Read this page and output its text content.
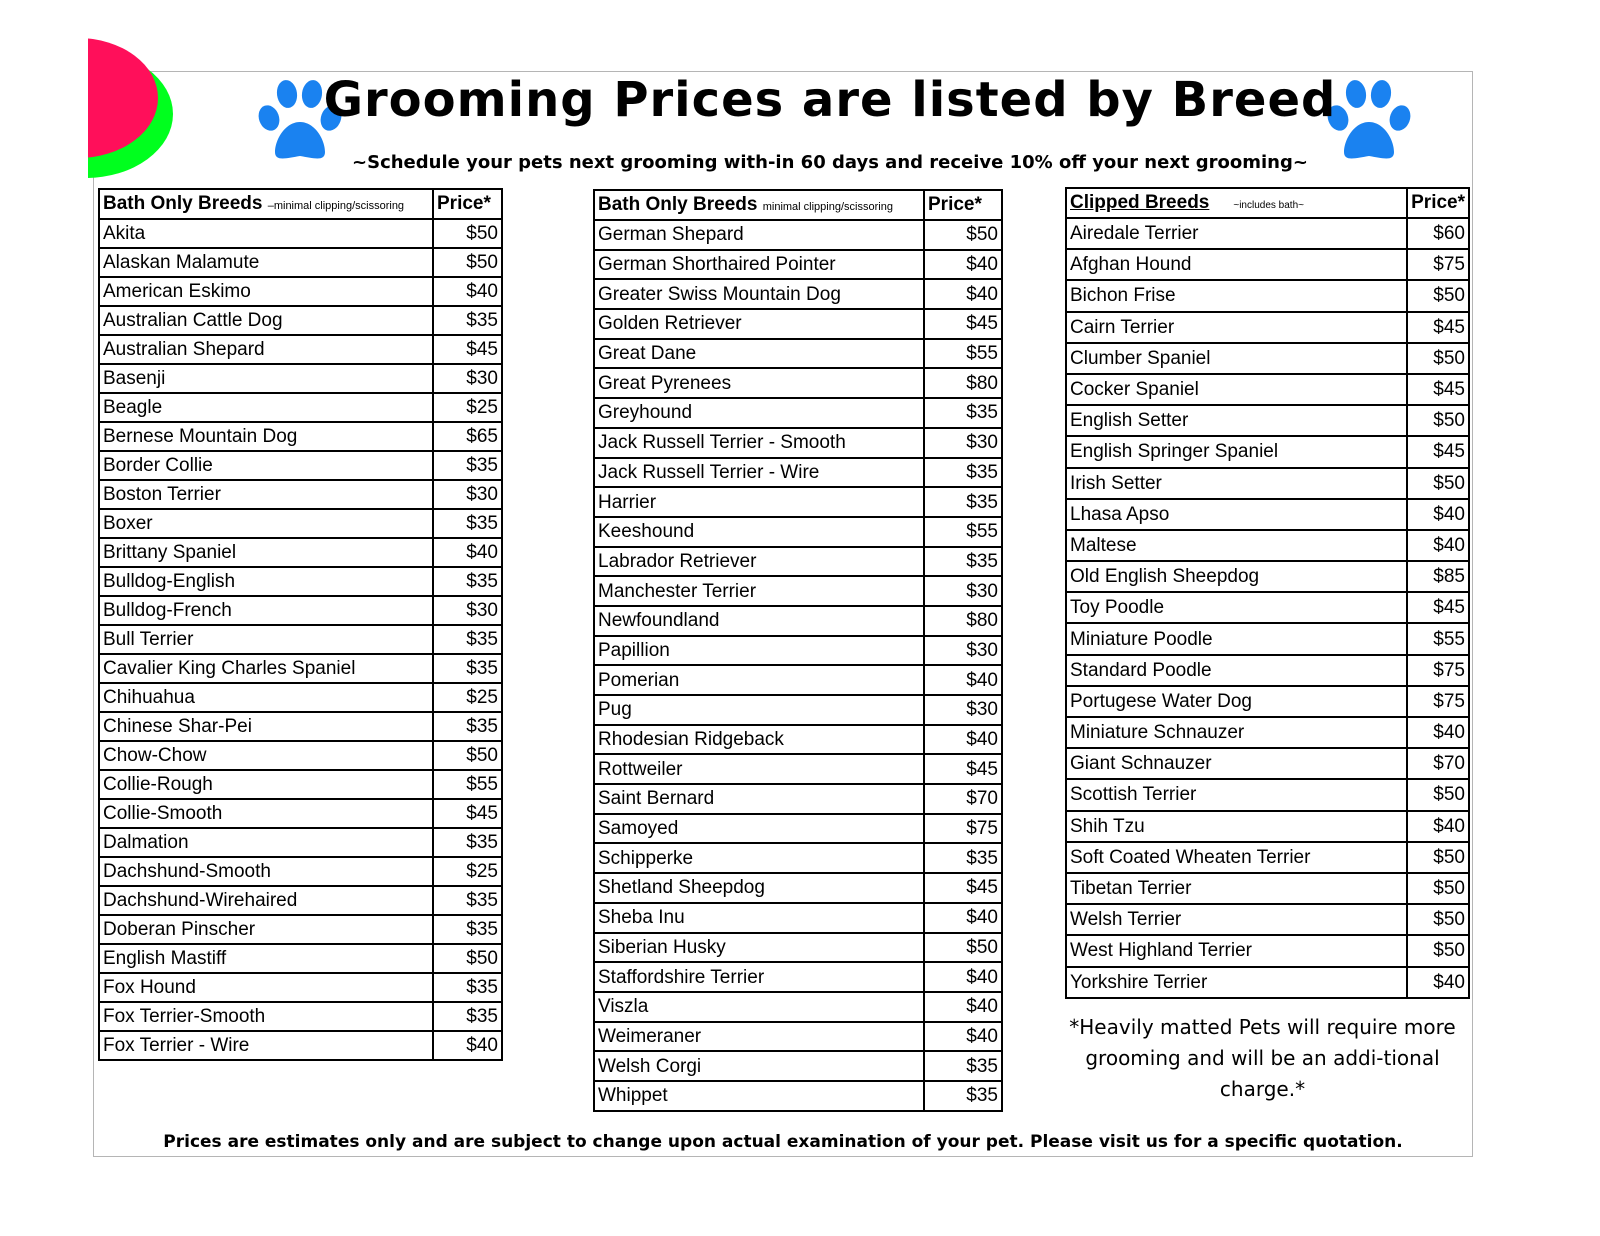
Grooming Prices are listed by Breed
~Schedule your pets next grooming with-in 60 days and receive 10% off your next grooming~
Bath Only Breeds –minimal clipping/scissoring	Price*
Akita	$50
Alaskan Malamute	$50
American Eskimo	$40
Australian Cattle Dog	$35
Australian Shepard	$45
Basenji	$30
Beagle	$25
Bernese Mountain Dog	$65
Border Collie	$35
Boston Terrier	$30
Boxer	$35
Brittany Spaniel	$40
Bulldog-English	$35
Bulldog-French	$30
Bull Terrier	$35
Cavalier King Charles Spaniel	$35
Chihuahua	$25
Chinese Shar-Pei	$35
Chow-Chow	$50
Collie-Rough	$55
Collie-Smooth	$45
Dalmation	$35
Dachshund-Smooth	$25
Dachshund-Wirehaired	$35
Doberan Pinscher	$35
English Mastiff	$50
Fox Hound	$35
Fox Terrier-Smooth	$35
Fox Terrier - Wire	$40
Bath Only Breeds minimal clipping/scissoring	Price*
German Shepard	$50
German Shorthaired Pointer	$40
Greater Swiss Mountain Dog	$40
Golden Retriever	$45
Great Dane	$55
Great Pyrenees	$80
Greyhound	$35
Jack Russell Terrier - Smooth	$30
Jack Russell Terrier - Wire	$35
Harrier	$35
Keeshound	$55
Labrador Retriever	$35
Manchester Terrier	$30
Newfoundland	$80
Papillion	$30
Pomerian	$40
Pug	$30
Rhodesian Ridgeback	$40
Rottweiler	$45
Saint Bernard	$70
Samoyed	$75
Schipperke	$35
Shetland Sheepdog	$45
Sheba Inu	$40
Siberian Husky	$50
Staffordshire Terrier	$40
Viszla	$40
Weimeraner	$40
Welsh Corgi	$35
Whippet	$35
Clipped Breeds ~includes bath~	Price*
Airedale Terrier	$60
Afghan Hound	$75
Bichon Frise	$50
Cairn Terrier	$45
Clumber Spaniel	$50
Cocker Spaniel	$45
English Setter	$50
English Springer Spaniel	$45
Irish Setter	$50
Lhasa Apso	$40
Maltese	$40
Old English Sheepdog	$85
Toy Poodle	$45
Miniature Poodle	$55
Standard Poodle	$75
Portugese Water Dog	$75
Miniature Schnauzer	$40
Giant Schnauzer	$70
Scottish Terrier	$50
Shih Tzu	$40
Soft Coated Wheaten Terrier	$50
Tibetan Terrier	$50
Welsh Terrier	$50
West Highland Terrier	$50
Yorkshire Terrier	$40
*Heavily matted Pets will require more grooming and will be an addi-tional charge.*
Prices are estimates only and are subject to change upon actual examination of your pet. Please visit us for a specific quotation.
